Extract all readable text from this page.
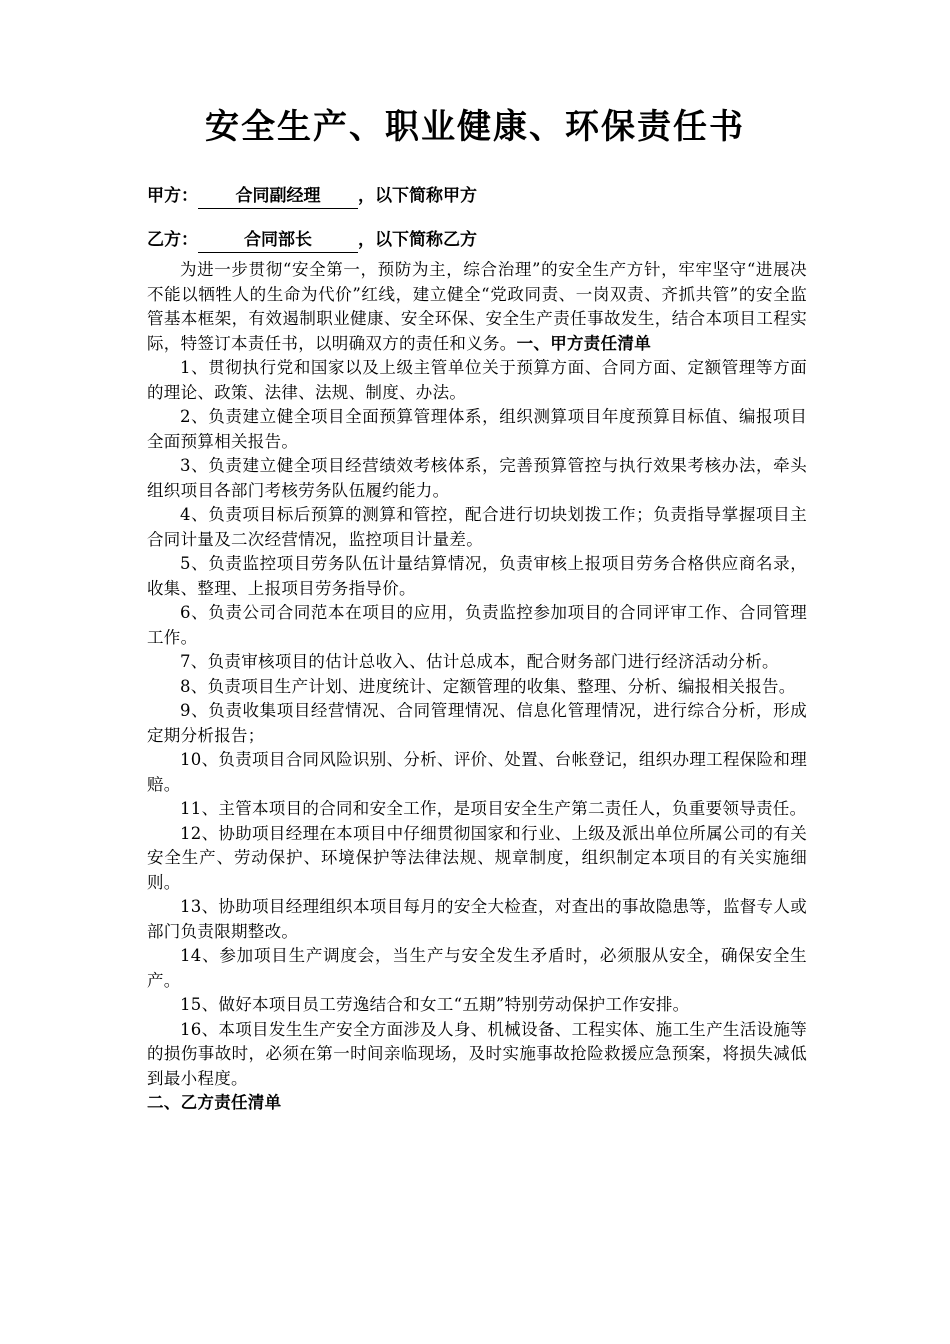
安全生产、职业健康、环保责任书
甲方： 合同副经理 ，以下简称甲方
乙方：	合同部长	，以下简称乙方

为进一步贯彻“安全第一，预防为主，综合治理”的安全生产方针，牢牢坚守“进展决不能以牺牲人的生命为代价”红线，建立健全“党政同责、一岗双责、齐抓共管”的安全监管基本框架，有效遏制职业健康、安全环保、安全生产责任事故发生，结合本项目工程实际，特签订本责任书，以明确双方的责任和义务。一、甲方责任清单

1、贯彻执行党和国家以及上级主管单位关于预算方面、合同方面、定额管理等方面的理论、政策、法律、法规、制度、办法。

2、负责建立健全项目全面预算管理体系，组织测算项目年度预算目标值、编报项目全面预算相关报告。

3、负责建立健全项目经营绩效考核体系，完善预算管控与执行效果考核办法，牵头组织项目各部门考核劳务队伍履约能力。

4、负责项目标后预算的测算和管控，配合进行切块划拨工作；负责指导掌握项目主合同计量及二次经营情况，监控项目计量差。

5、负责监控项目劳务队伍计量结算情况，负责审核上报项目劳务合格供应商名录，收集、整理、上报项目劳务指导价。

6、负责公司合同范本在项目的应用，负责监控参加项目的合同评审工作、合同管理工作。

7、负责审核项目的估计总收入、估计总成本，配合财务部门进行经济活动分析。

8、负责项目生产计划、进度统计、定额管理的收集、整理、分析、编报相关报告。

9、负责收集项目经营情况、合同管理情况、信息化管理情况，进行综合分析，形成定期分析报告；

10、负责项目合同风险识别、分析、评价、处置、台帐登记，组织办理工程保险和理赔。

11、主管本项目的合同和安全工作，是项目安全生产第二责任人，负重要领导责任。

12、协助项目经理在本项目中仔细贯彻国家和行业、上级及派出单位所属公司的有关安全生产、劳动保护、环境保护等法律法规、规章制度，组织制定本项目的有关实施细则。

13、协助项目经理组织本项目每月的安全大检查，对查出的事故隐患等，监督专人或部门负责限期整改。

14、参加项目生产调度会，当生产与安全发生矛盾时，必须服从安全，确保安全生产。

15、做好本项目员工劳逸结合和女工“五期”特别劳动保护工作安排。

16、本项目发生生产安全方面涉及人身、机械设备、工程实体、施工生产生活设施等的损伤事故时，必须在第一时间亲临现场，及时实施事故抢险救援应急预案，将损失减低到最小程度。

二、乙方责任清单
